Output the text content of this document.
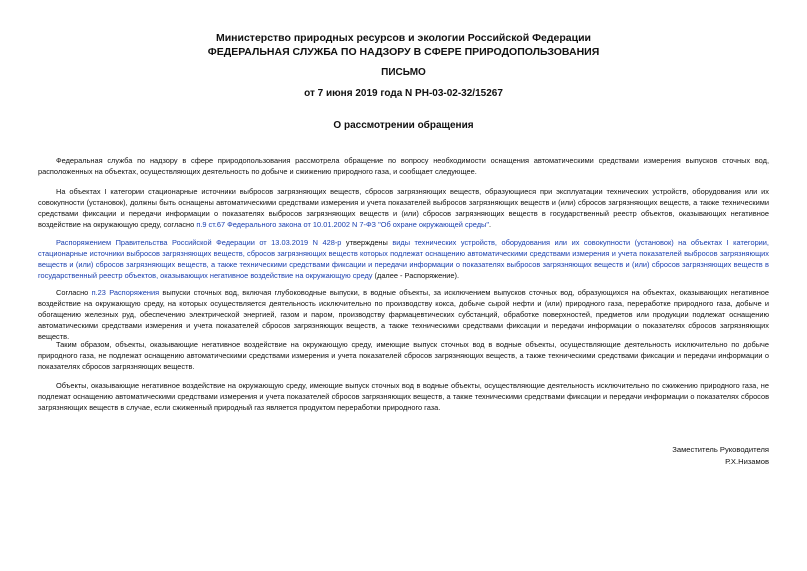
Министерство природных ресурсов и экологии Российской Федерации
ФЕДЕРАЛЬНАЯ СЛУЖБА ПО НАДЗОРУ В СФЕРЕ ПРИРОДОПОЛЬЗОВАНИЯ
ПИСЬМО
от 7 июня 2019 года N РН-03-02-32/15267
О рассмотрении обращения
Федеральная служба по надзору в сфере природопользования рассмотрела обращение по вопросу необходимости оснащения автоматическими средствами измерения выпусков сточных вод, расположенных на объектах, осуществляющих деятельность по добыче и сжижению природного газа, и сообщает следующее.
На объектах I категории стационарные источники выбросов загрязняющих веществ, сбросов загрязняющих веществ, образующиеся при эксплуатации технических устройств, оборудования или их совокупности (установок), должны быть оснащены автоматическими средствами измерения и учета показателей выбросов загрязняющих веществ и (или) сбросов загрязняющих веществ, а также техническими средствами фиксации и передачи информации о показателях выбросов загрязняющих веществ и (или) сбросов загрязняющих веществ в государственный реестр объектов, оказывающих негативное воздействие на окружающую среду, согласно п.9 ст.67 Федерального закона от 10.01.2002 N 7-ФЗ "Об охране окружающей среды".
Распоряжением Правительства Российской Федерации от 13.03.2019 N 428-р утверждены виды технических устройств, оборудования или их совокупности (установок) на объектах I категории, стационарные источники выбросов загрязняющих веществ, сбросов загрязняющих веществ которых подлежат оснащению автоматическими средствами измерения и учета показателей выбросов загрязняющих веществ и (или) сбросов загрязняющих веществ, а также техническими средствами фиксации и передачи информации о показателях выбросов загрязняющих веществ и (или) сбросов загрязняющих веществ в государственный реестр объектов, оказывающих негативное воздействие на окружающую среду (далее - Распоряжение).
Согласно п.23 Распоряжения выпуски сточных вод, включая глубоководные выпуски, в водные объекты, за исключением выпусков сточных вод, образующихся на объектах, оказывающих негативное воздействие на окружающую среду, на которых осуществляется деятельность исключительно по производству кокса, добыче сырой нефти и (или) природного газа, переработке природного газа, добыче и обогащению железных руд, обеспечению электрической энергией, газом и паром, производству фармацевтических субстанций, обработке поверхностей, предметов или продукции подлежат оснащению автоматическими средствами измерения и учета показателей сбросов загрязняющих веществ, а также техническими средствами фиксации и передачи информации о показателях сбросов загрязняющих веществ.
Таким образом, объекты, оказывающие негативное воздействие на окружающую среду, имеющие выпуск сточных вод в водные объекты, осуществляющие деятельность исключительно по добыче природного газа, не подлежат оснащению автоматическими средствами измерения и учета показателей сбросов загрязняющих веществ, а также техническими средствами фиксации и передачи информации о показателях сбросов загрязняющих веществ.
Объекты, оказывающие негативное воздействие на окружающую среду, имеющие выпуск сточных вод в водные объекты, осуществляющие деятельность исключительно по сжижению природного газа, не подлежат оснащению автоматическими средствами измерения и учета показателей сбросов загрязняющих веществ, а также техническими средствами фиксации и передачи информации о показателях сбросов загрязняющих веществ в случае, если сжиженный природный газ является продуктом переработки природного газа.
Заместитель Руководителя
Р.Х.Низамов
